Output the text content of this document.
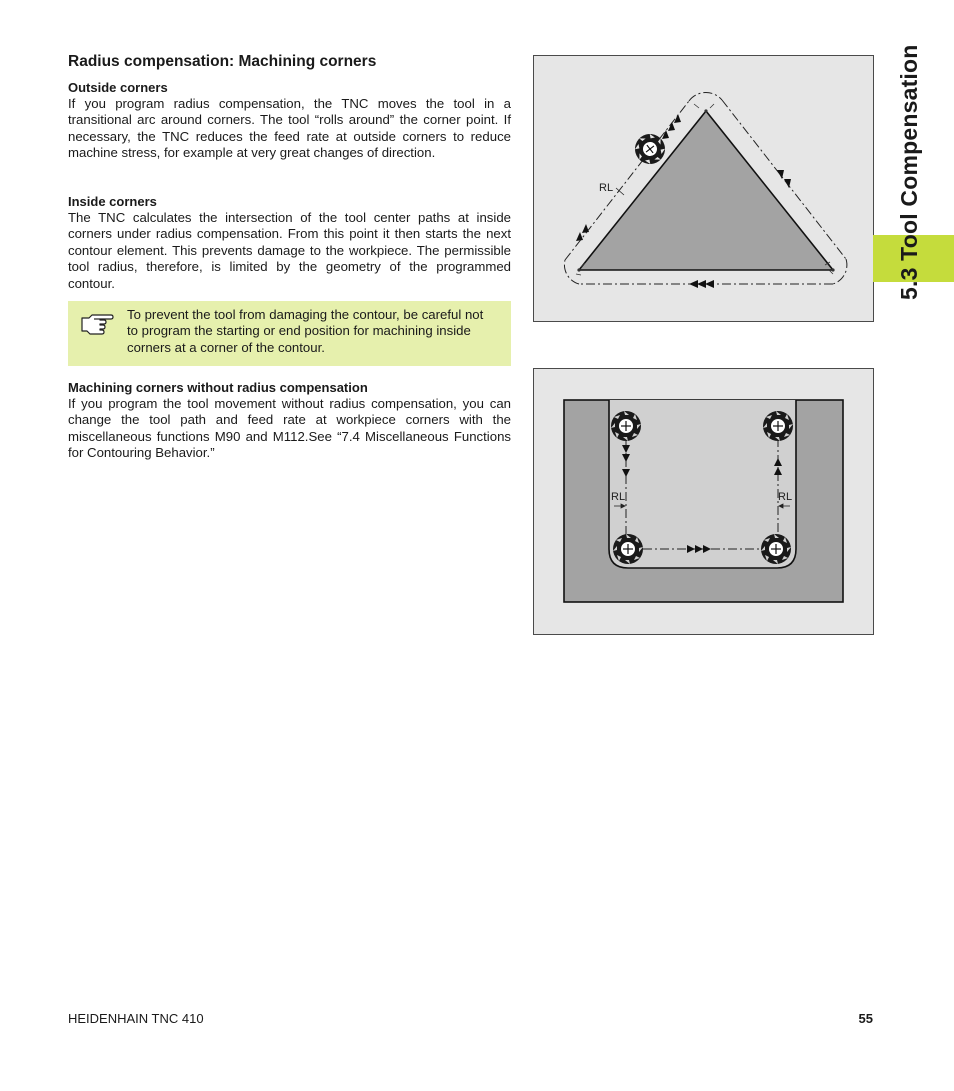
Radius compensation: Machining corners
Outside corners
If you program radius compensation, the TNC moves the tool in a transitional arc around corners. The tool “rolls around” the corner point. If necessary, the TNC reduces the feed rate at outside corners to reduce machine stress, for example at very great changes of direction.
Inside corners
The TNC calculates the intersection of the tool center paths at inside corners under radius compensation. From this point it then starts the next contour element. This prevents damage to the workpiece. The permissible tool radius, therefore, is limited by the geometry of the programmed contour.
To prevent the tool from damaging the contour, be careful not to program the starting or end position for machining inside corners at a corner of the contour.
Machining corners without radius compensation
If you program the tool movement without radius compensation, you can change the tool path and feed rate at workpiece corners with the miscellaneous functions M90 and M112.See “7.4 Miscellaneous Functions for Contouring Behavior.”
RL
RL	RL
5.3 Tool Compensation
HEIDENHAIN TNC 410	55
